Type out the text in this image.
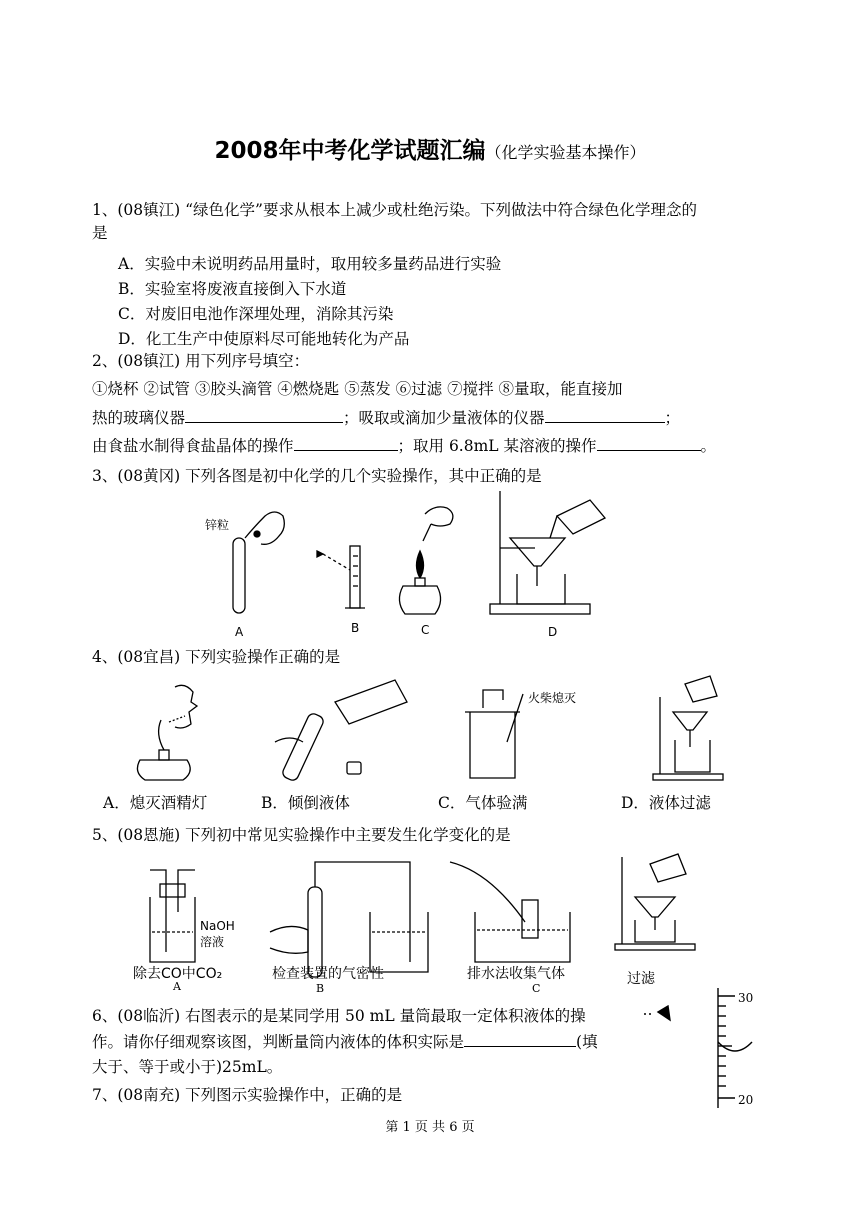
2008年中考化学试题汇编（化学实验基本操作）
1、(08镇江) “绿色化学”要求从根本上减少或杜绝污染。下列做法中符合绿色化学理念的
是
A．实验中未说明药品用量时，取用较多量药品进行实验
B．实验室将废液直接倒入下水道
C．对废旧电池作深埋处理，消除其污染
D．化工生产中使原料尽可能地转化为产品
2、(08镇江) 用下列序号填空：
①烧杯 ②试管 ③胶头滴管 ④燃烧匙 ⑤蒸发 ⑥过滤 ⑦搅拌 ⑧量取，能直接加
热的玻璃仪器	；吸取或滴加少量液体的仪器	；
由食盐水制得食盐晶体的操作	；取用 6.8mL 某溶液的操作	。
3、(08黄冈) 下列各图是初中化学的几个实验操作，其中正确的是
锌粒
A	B	C	D
4、(08宜昌) 下列实验操作正确的是
火柴熄灭
A．熄灭酒精灯	B．倾倒液体	C．气体验满	D．液体过滤
5、(08恩施) 下列初中常见实验操作中主要发生化学变化的是
NaOH
溶液
除去CO中CO₂	检查装置的气密性	排水法收集气体	过滤
A	B	C
6、(08临沂) 右图表示的是某同学用 50 mL 量筒最取一定体积液体的操
作。请你仔细观察该图，判断量筒内液体的体积实际是	(填
大于、等于或小于)25mL。
30
20
7、(08南充) 下列图示实验操作中，正确的是
第 1 页 共 6 页
